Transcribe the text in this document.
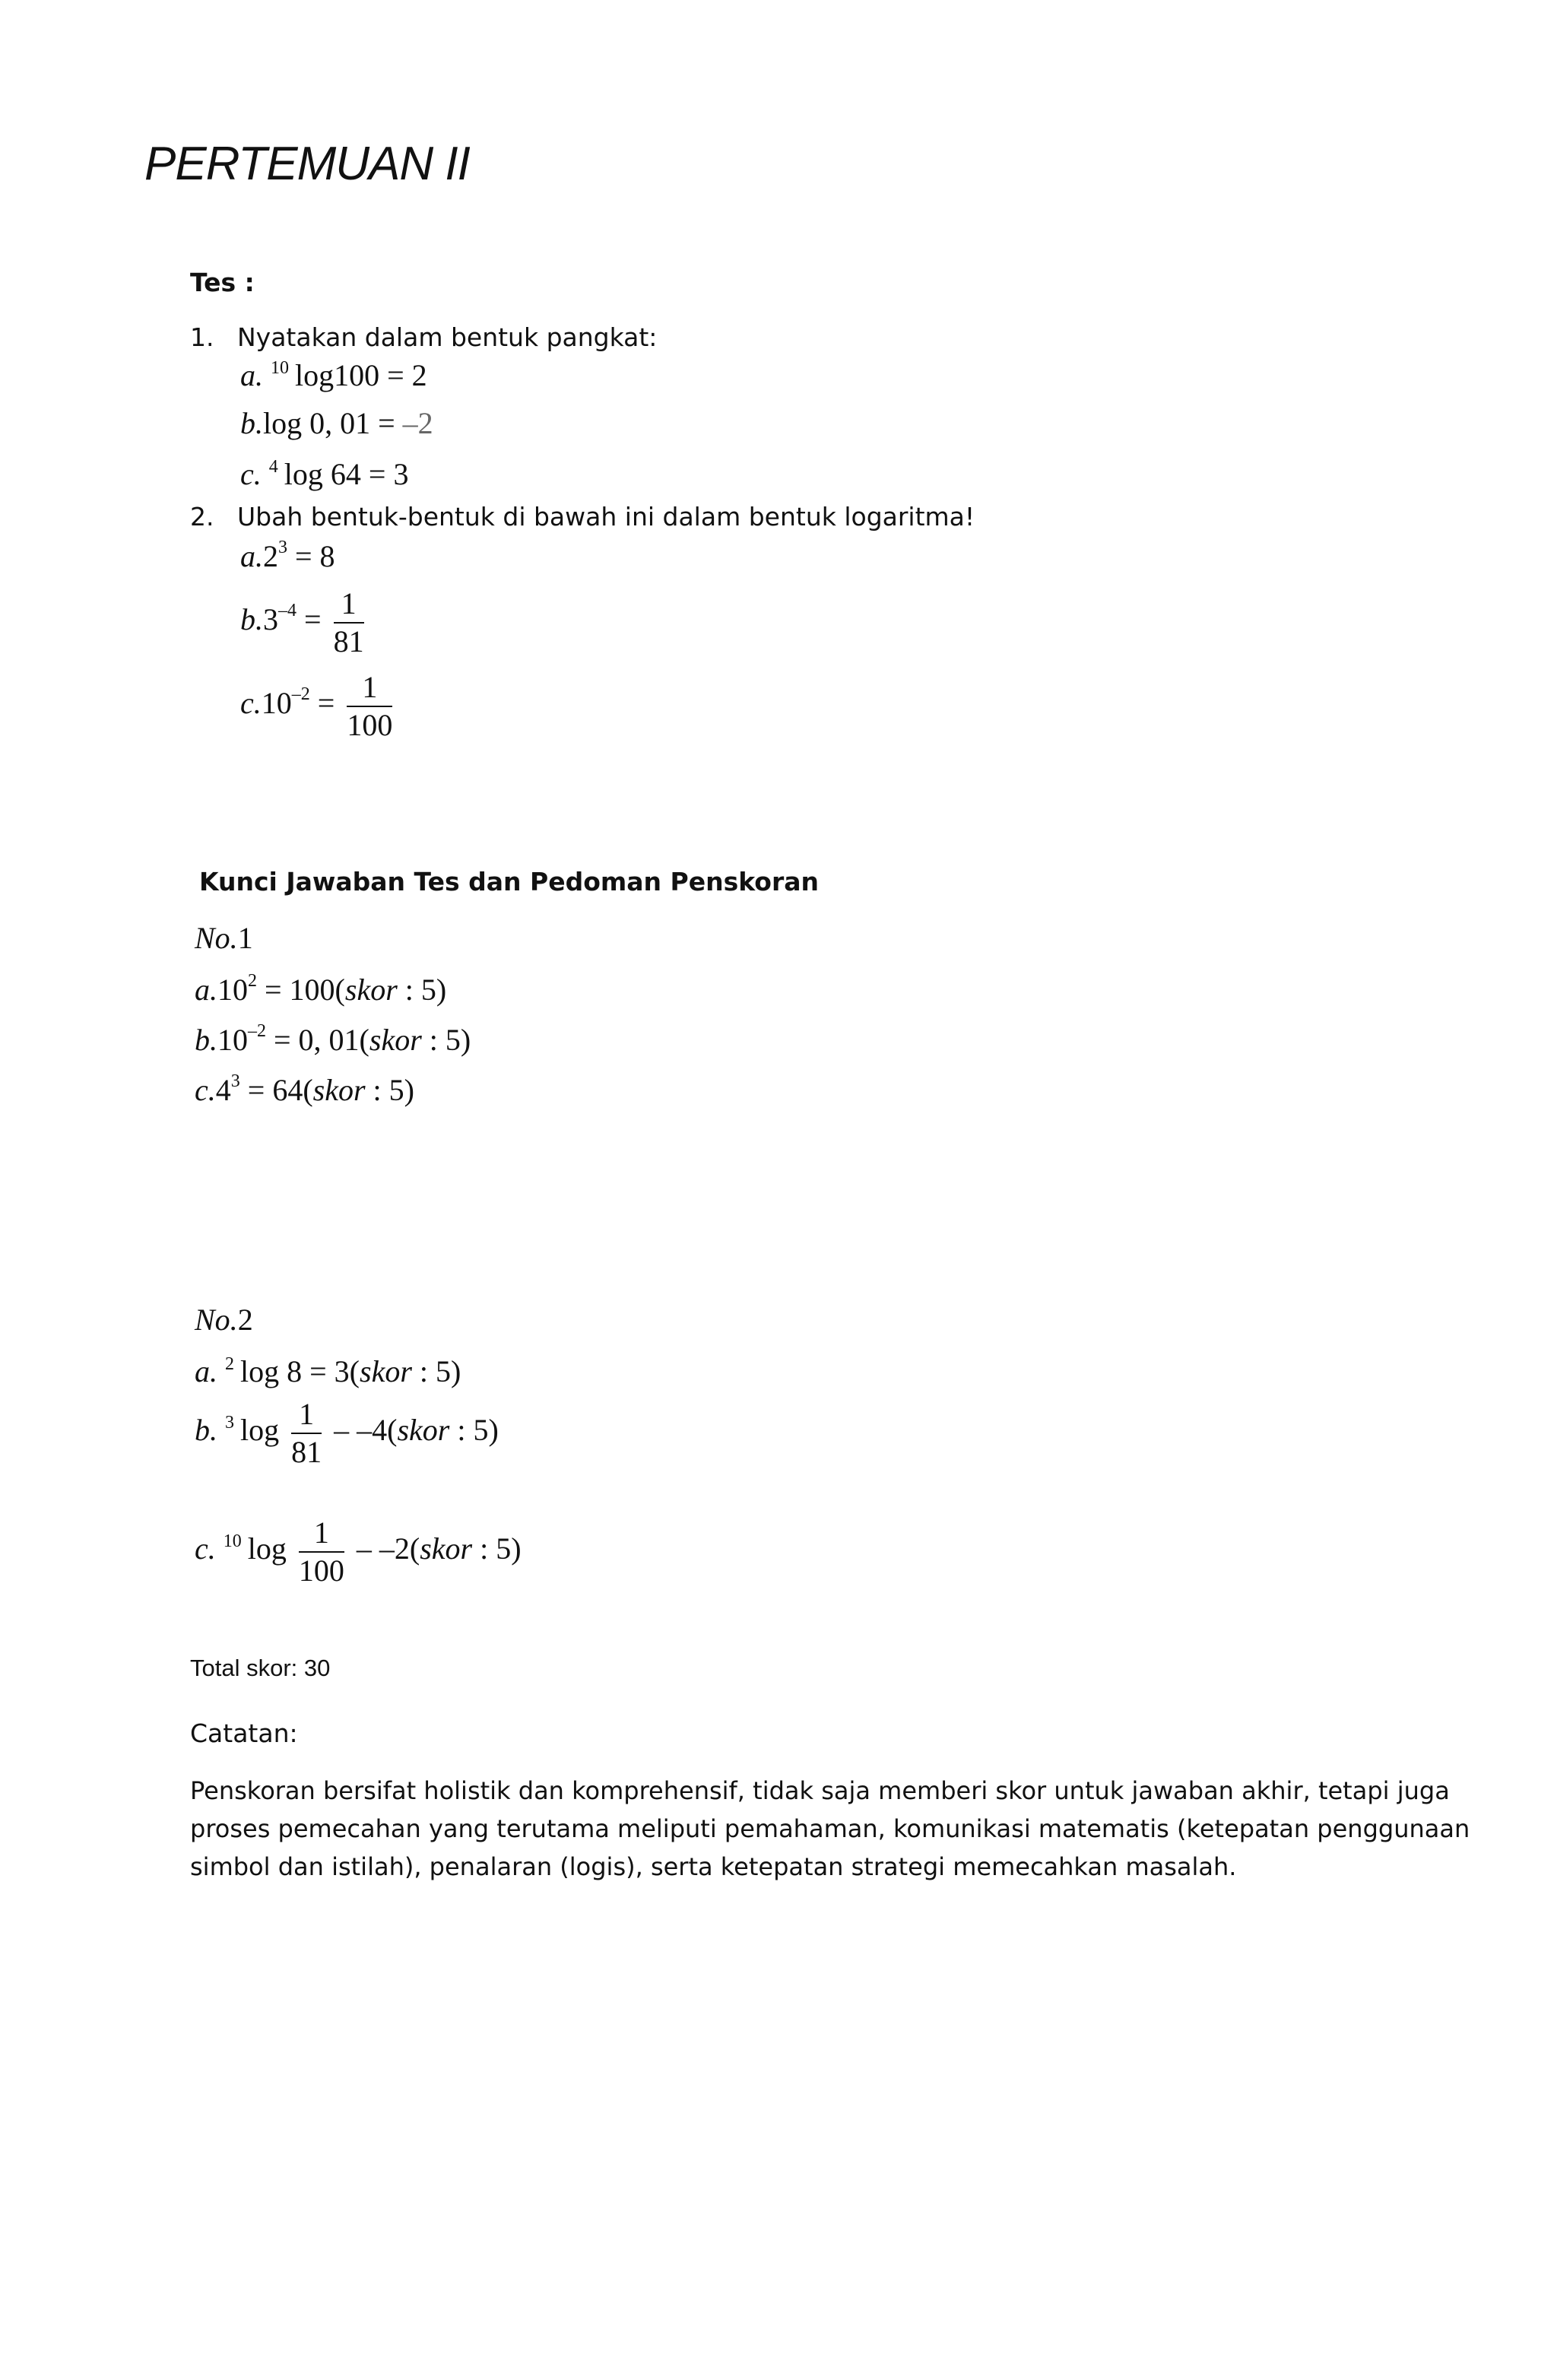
PERTEMUAN II
Tes :
1. Nyatakan dalam bentuk pangkat:
a. $^{10}$ log100 = 2
b.log 0, 01 = –2
c. $^4$ log 64 = 3
2. Ubah bentuk-bentuk di bawah ini dalam bentuk logaritma!
$a.2^3 = 8$
$b.3^{-4} = \frac{1}{81}$
$c.10^{-2} = \frac{1}{100}$
Kunci Jawaban Tes dan Pedoman Penskoran
No.1
$a.10^2$ = 100(skor : 5)
$b.10^{-2} = 0$, 01(skor : 5)
$c.4^3$ = 64(skor : 5)
No.2
a. $^2$ log 8 = 3(skor : 5)
b. $^3$ $\log \frac{1}{81}$ – –4(skor : 5)
c. $^{10}$ $\log \frac{1}{100}$ – –2(skor : 5)
Total skor: 30
Catatan:
Penskoran bersifat holistik dan komprehensif, tidak saja memberi skor untuk jawaban akhir, tetapi juga
proses pemecahan yang terutama meliputi pemahaman, komunikasi matematis (ketepatan penggunaan
simbol dan istilah), penalaran (logis), serta ketepatan strategi memecahkan masalah.
